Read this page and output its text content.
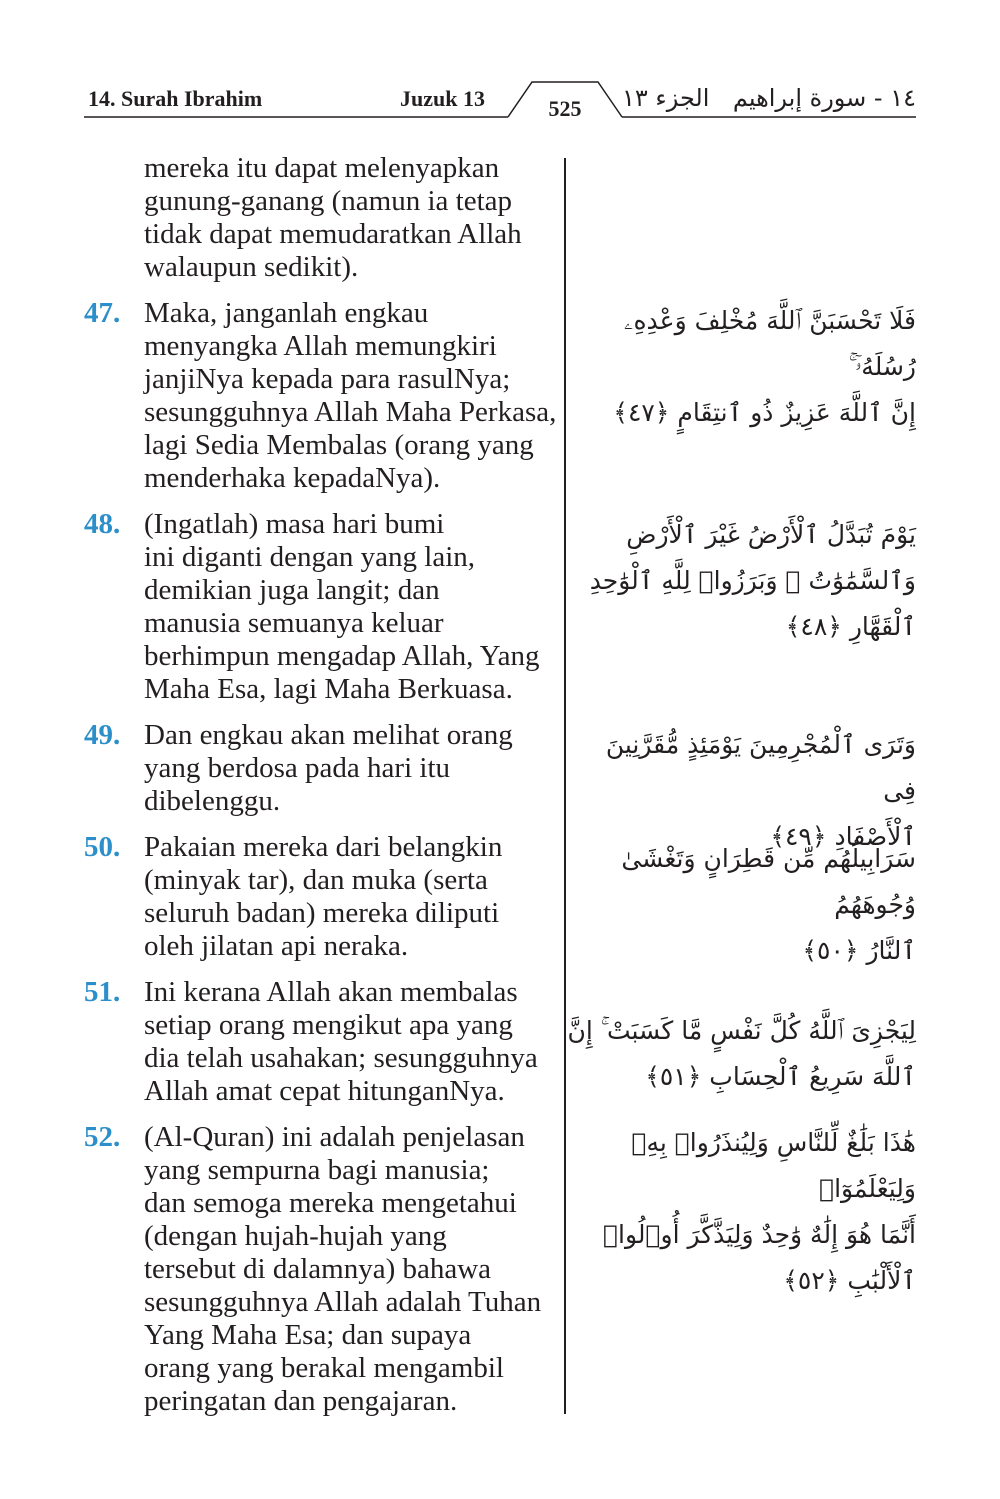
14. Surah Ibrahim	Juzuk 13	525	الجزء ١٣ ١٤ - سورة إبراهيم
mereka itu dapat melenyapkan
gunung-ganang (namun ia tetap
tidak dapat memudaratkan Allah
walaupun sedikit).
47. Maka, janganlah engkau
menyangka Allah memungkiri
janjiNya kepada para rasulNya;
sesungguhnya Allah Maha Perkasa,
lagi Sedia Membalas (orang yang
menderhaka kepadaNya).
48. (Ingatlah) masa hari bumi
ini diganti dengan yang lain,
demikian juga langit; dan
manusia semuanya keluar
berhimpun mengadap Allah, Yang
Maha Esa, lagi Maha Berkuasa.
49. Dan engkau akan melihat orang
yang berdosa pada hari itu
dibelenggu.
50. Pakaian mereka dari belangkin
(minyak tar), dan muka (serta
seluruh badan) mereka diliputi
oleh jilatan api neraka.
51. Ini kerana Allah akan membalas
setiap orang mengikut apa yang
dia telah usahakan; sesungguhnya
Allah amat cepat hitunganNya.
52. (Al-Quran) ini adalah penjelasan
yang sempurna bagi manusia;
dan semoga mereka mengetahui
(dengan hujah-hujah yang
tersebut di dalamnya) bahawa
sesungguhnya Allah adalah Tuhan
Yang Maha Esa; dan supaya
orang yang berakal mengambil
peringatan dan pengajaran.
فَلَا تَحْسَبَنَّ ٱللَّهَ مُخْلِفَ وَعْدِهِۦ رُسُلَهُۥٓ ۚ
إِنَّ ٱللَّهَ عَزِيزٌ ذُو ٱنتِقَامٍ ﴿٤٧﴾
يَوْمَ تُبَدَّلُ ٱلْأَرْضُ غَيْرَ ٱلْأَرْضِ
وَٱلسَّمَٰوَٰتُ ۖ وَبَرَزُوا۟ لِلَّهِ ٱلْوَٰحِدِ ٱلْقَهَّارِ ﴿٤٨﴾
وَتَرَى ٱلْمُجْرِمِينَ يَوْمَئِذٍ مُّقَرَّنِينَ فِى
ٱلْأَصْفَادِ ﴿٤٩﴾
سَرَابِيلُهُم مِّن قَطِرَانٍ وَتَغْشَىٰ وُجُوهَهُمُ
ٱلنَّارُ ﴿٥٠﴾
لِيَجْزِىَ ٱللَّهُ كُلَّ نَفْسٍ مَّا كَسَبَتْ ۚ إِنَّ
ٱللَّهَ سَرِيعُ ٱلْحِسَابِ ﴿٥١﴾
هَٰذَا بَلَٰغٌ لِّلنَّاسِ وَلِيُنذَرُوا۟ بِهِۦ وَلِيَعْلَمُوٓا۟
أَنَّمَا هُوَ إِلَٰهٌ وَٰحِدٌ وَلِيَذَّكَّرَ أُو۟لُوا۟
ٱلْأَلْبَٰبِ ﴿٥٢﴾
